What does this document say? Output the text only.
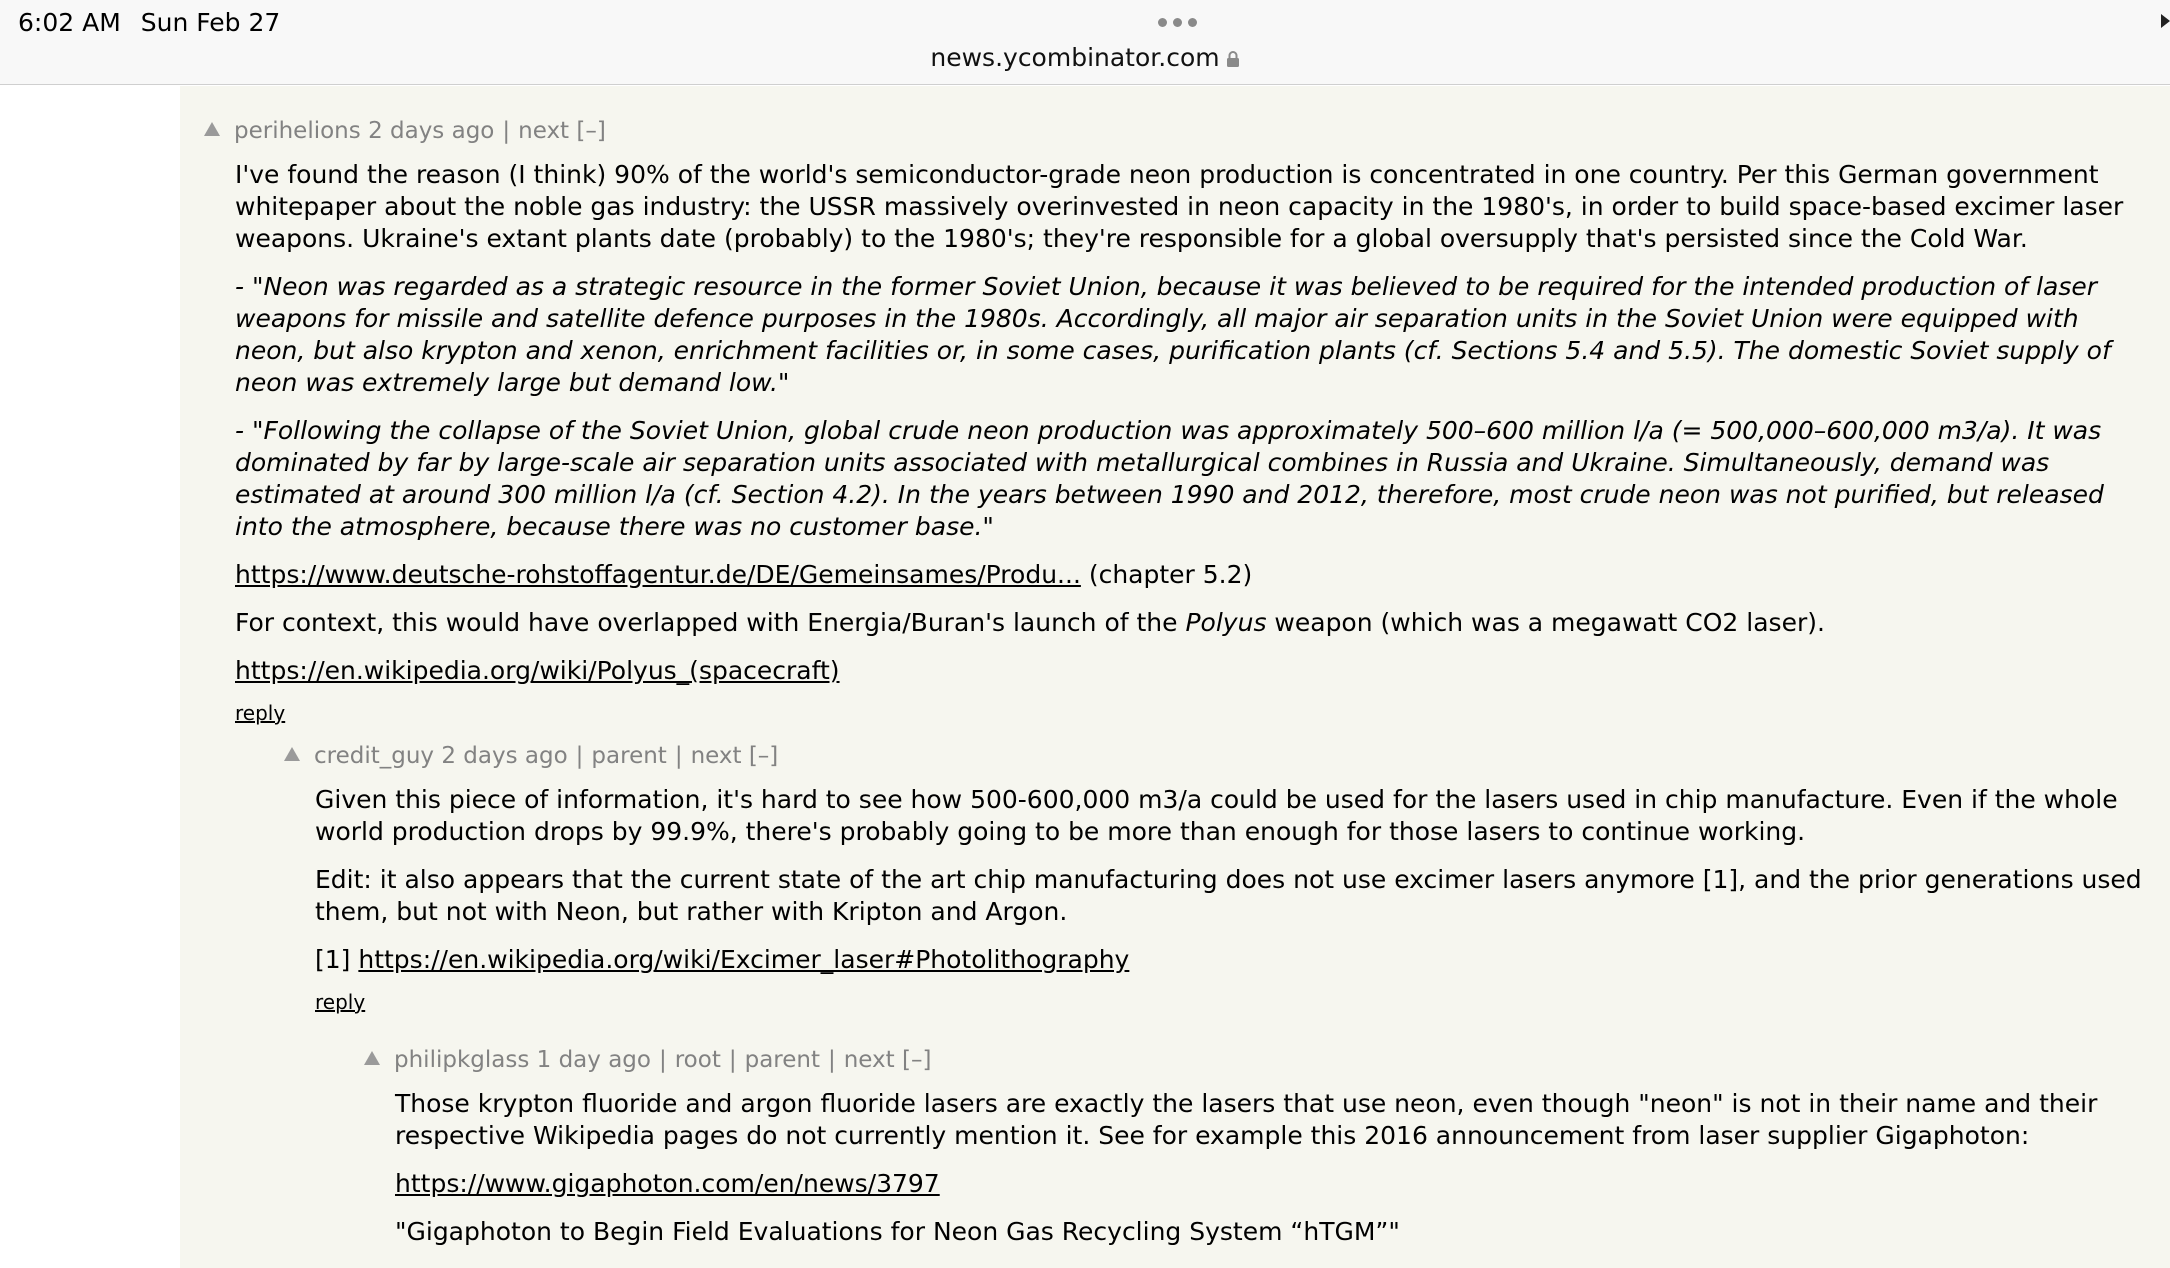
6:02 AM Sun Feb 27
news.ycombinator.com
perihelions
2 days ago | next
[–]

I've found the reason (I think) 90% of the world's semiconductor-grade neon production is concentrated in one country. Per this German government whitepaper about the noble gas industry: the USSR massively overinvested in neon capacity in the 1980's, in order to build space-based excimer laser weapons. Ukraine's extant plants date (probably) to the 1980's; they're responsible for a global oversupply that's persisted since the Cold War.

- "Neon was regarded as a strategic resource in the former Soviet Union, because it was believed to be required for the intended production of laser weapons for missile and satellite defence purposes in the 1980s. Accordingly, all major air separation units in the Soviet Union were equipped with neon, but also krypton and xenon, enrichment facilities or, in some cases, purification plants (cf. Sections 5.4 and 5.5). The domestic Soviet supply of neon was extremely large but demand low."

- "Following the collapse of the Soviet Union, global crude neon production was approximately 500–600 million l/a (= 500,000–600,000 m3/a). It was dominated by far by large-scale air separation units associated with metallurgical combines in Russia and Ukraine. Simultaneously, demand was estimated at around 300 million l/a (cf. Section 4.2). In the years between 1990 and 2012, therefore, most crude neon was not purified, but released into the atmosphere, because there was no customer base."

https://www.deutsche-rohstoffagentur.de/DE/Gemeinsames/Produ... (chapter 5.2)

For context, this would have overlapped with Energia/Buran's launch of the Polyus weapon (which was a megawatt CO2 laser).

https://en.wikipedia.org/wiki/Polyus_(spacecraft)

reply
credit_guy
2 days ago | parent | next
[–]

Given this piece of information, it's hard to see how 500-600,000 m3/a could be used for the lasers used in chip manufacture. Even if the whole world production drops by 99.9%, there's probably going to be more than enough for those lasers to continue working.

Edit: it also appears that the current state of the art chip manufacturing does not use excimer lasers anymore [1], and the prior generations used them, but not with Neon, but rather with Kripton and Argon.

[1] https://en.wikipedia.org/wiki/Excimer_laser#Photolithography

reply
philipkglass
1 day ago | root | parent | next
[–]

Those krypton fluoride and argon fluoride lasers are exactly the lasers that use neon, even though "neon" is not in their name and their respective Wikipedia pages do not currently mention it. See for example this 2016 announcement from laser supplier Gigaphoton:

https://www.gigaphoton.com/en/news/3797

"Gigaphoton to Begin Field Evaluations for Neon Gas Recycling System “hTGM”"
